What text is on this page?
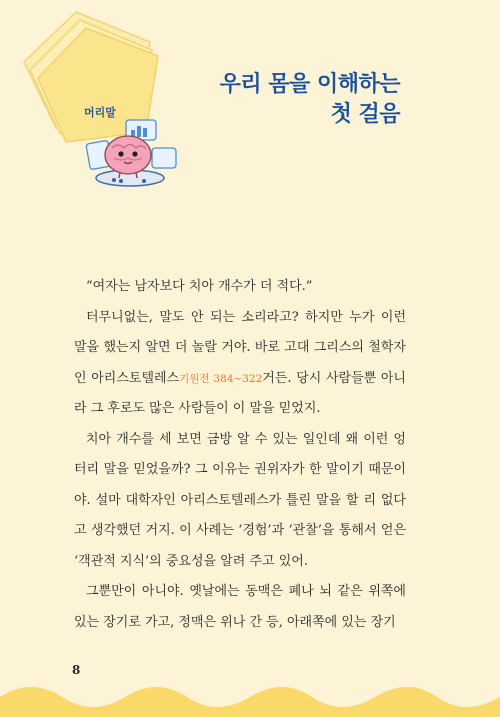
머리말
우리 몸을 이해하는
첫 걸음

“여자는 남자보다 치아 개수가 더 적다.”

터무니없는, 말도 안 되는 소리라고? 하지만 누가 이런 말을 했는지 알면 더 놀랄 거야. 바로 고대 그리스의 철학자인 아리스토텔레스기원전 384~322거든. 당시 사람들뿐 아니라 그 후로도 많은 사람들이 이 말을 믿었지.

치아 개수를 세 보면 금방 알 수 있는 일인데 왜 이런 엉터리 말을 믿었을까? 그 이유는 권위자가 한 말이기 때문이야. 설마 대학자인 아리스토텔레스가 틀린 말을 할 리 없다고 생각했던 거지. 이 사례는 ‘경험’과 ‘관찰’을 통해서 얻은 ‘객관적 지식’의 중요성을 알려 주고 있어.

그뿐만이 아니야. 옛날에는 동맥은 폐나 뇌 같은 위쪽에 있는 장기로 가고, 정맥은 위나 간 등, 아래쪽에 있는 장기

8
